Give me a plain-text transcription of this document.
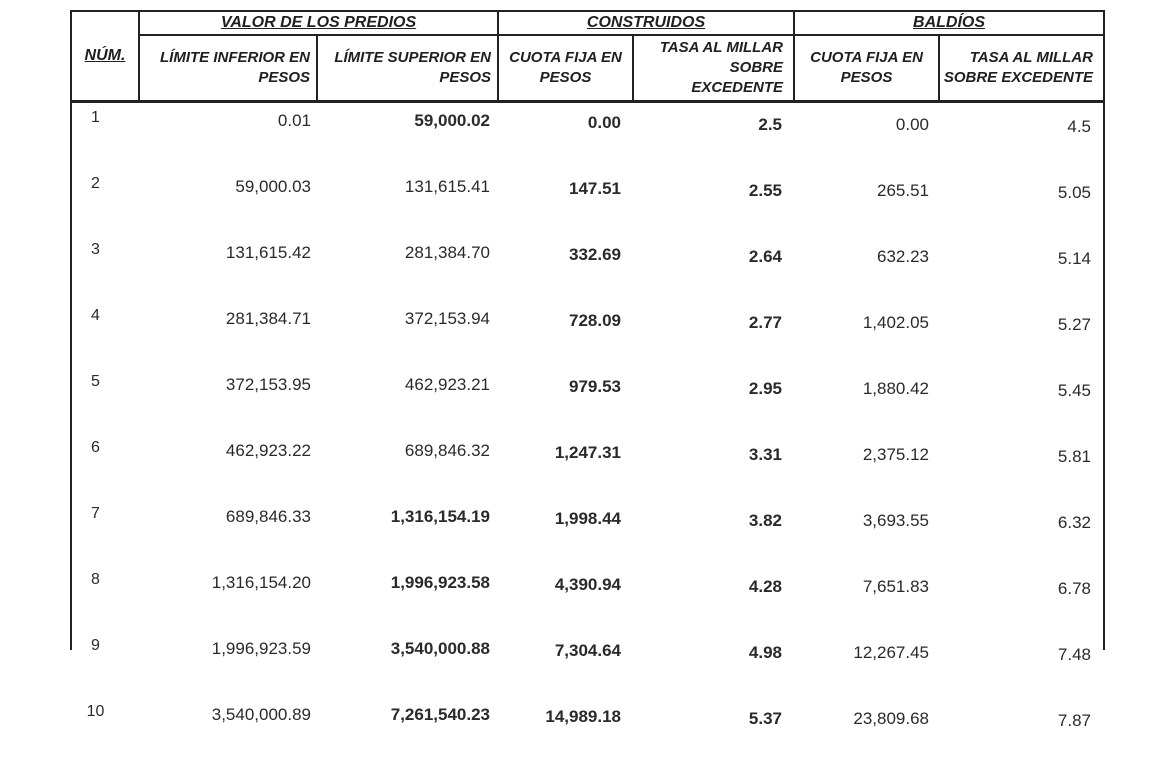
NÚM.	VALOR DE LOS PREDIOS		CONSTRUIDOS		BALDÍOS	
	LÍMITE INFERIOR EN PESOS	LÍMITE SUPERIOR EN PESOS	CUOTA FIJA EN PESOS	TASA AL MILLAR SOBRE EXCEDENTE	CUOTA FIJA EN PESOS	TASA AL MILLAR SOBRE EXCEDENTE
1	0.01	59,000.02	0.00	2.5	0.00	4.5
2	59,000.03	131,615.41	147.51	2.55	265.51	5.05
3	131,615.42	281,384.70	332.69	2.64	632.23	5.14
4	281,384.71	372,153.94	728.09	2.77	1,402.05	5.27
5	372,153.95	462,923.21	979.53	2.95	1,880.42	5.45
6	462,923.22	689,846.32	1,247.31	3.31	2,375.12	5.81
7	689,846.33	1,316,154.19	1,998.44	3.82	3,693.55	6.32
8	1,316,154.20	1,996,923.58	4,390.94	4.28	7,651.83	6.78
9	1,996,923.59	3,540,000.88	7,304.64	4.98	12,267.45	7.48
10	3,540,000.89	7,261,540.23	14,989.18	5.37	23,809.68	7.87
